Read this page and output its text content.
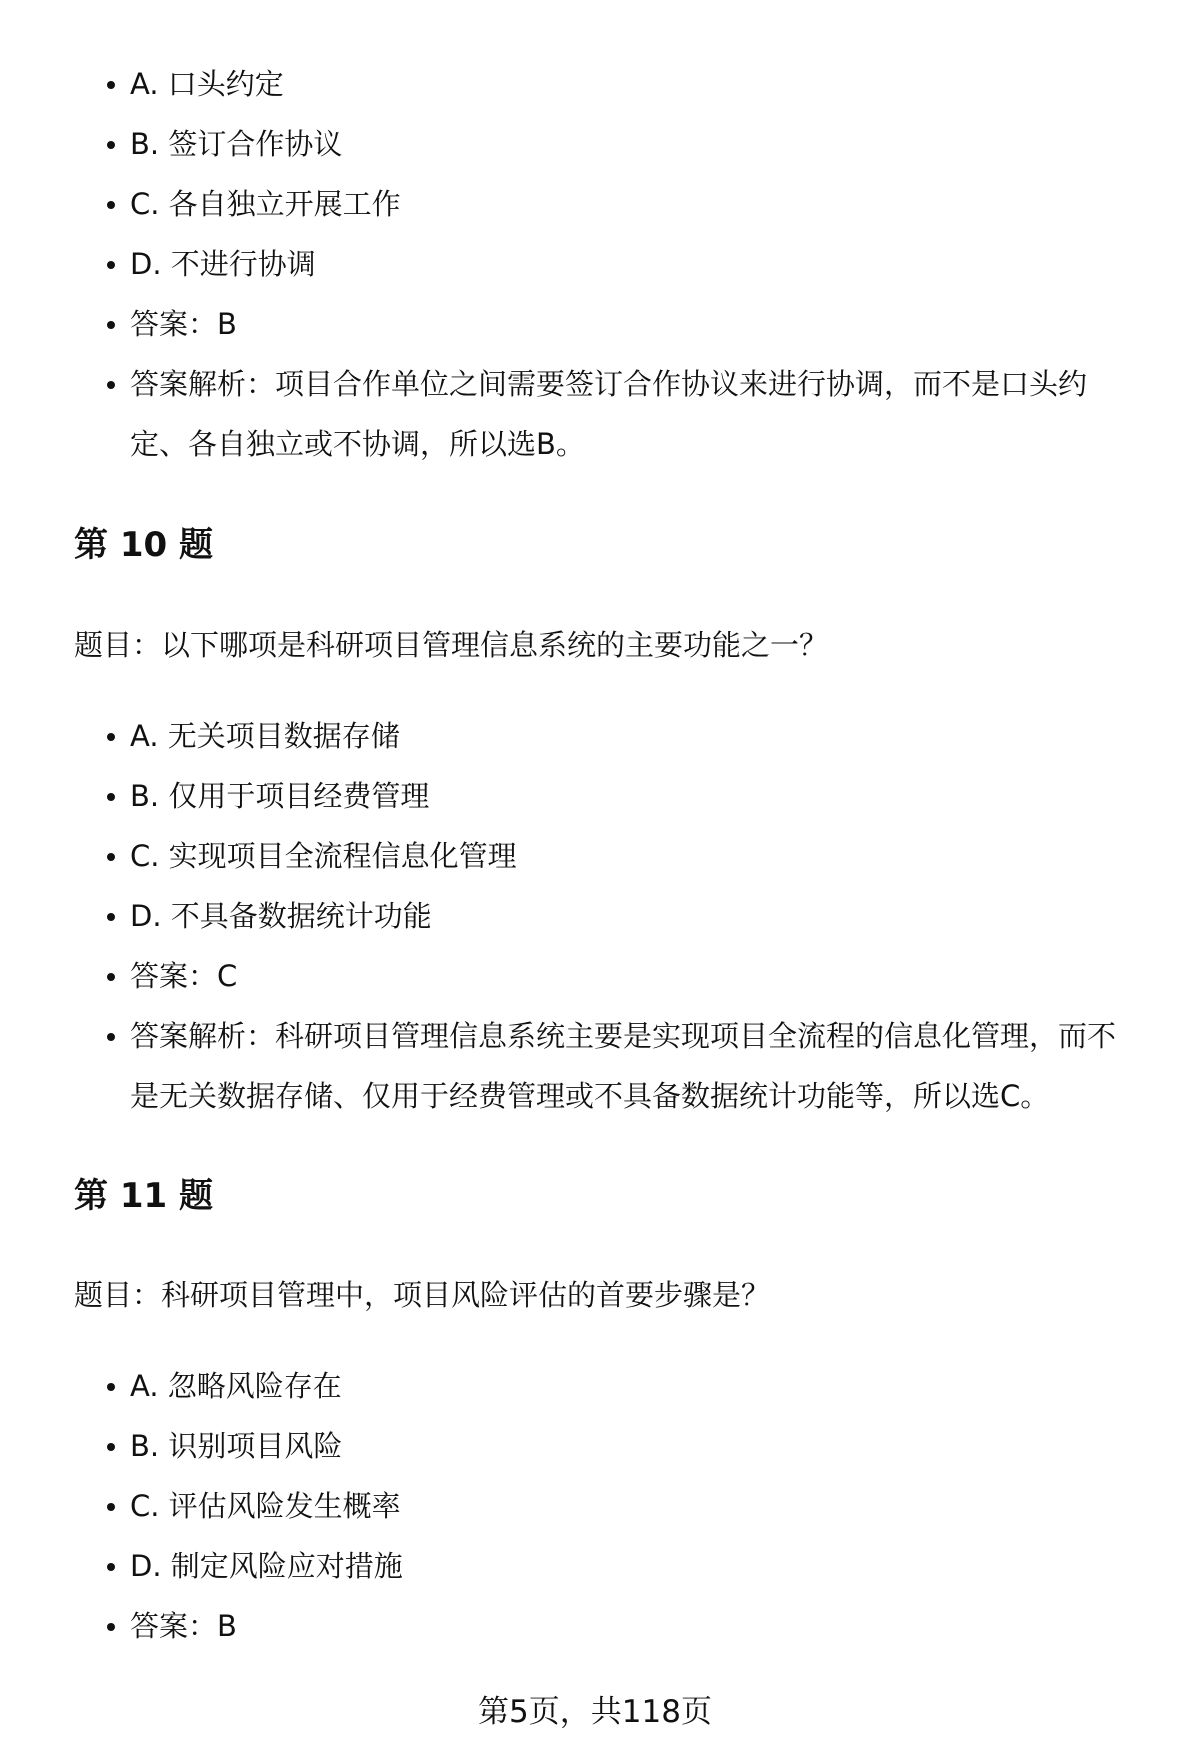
A. 口头约定
B. 签订合作协议
C. 各自独立开展工作
D. 不进行协调
答案：B
答案解析：项目合作单位之间需要签订合作协议来进行协调，而不是口头约定、各自独立或不协调，所以选B。
第 10 题
题目：以下哪项是科研项目管理信息系统的主要功能之一？
A. 无关项目数据存储
B. 仅用于项目经费管理
C. 实现项目全流程信息化管理
D. 不具备数据统计功能
答案：C
答案解析：科研项目管理信息系统主要是实现项目全流程的信息化管理，而不是无关数据存储、仅用于经费管理或不具备数据统计功能等，所以选C。
第 11 题
题目：科研项目管理中，项目风险评估的首要步骤是？
A. 忽略风险存在
B. 识别项目风险
C. 评估风险发生概率
D. 制定风险应对措施
答案：B
第5页，共118页
